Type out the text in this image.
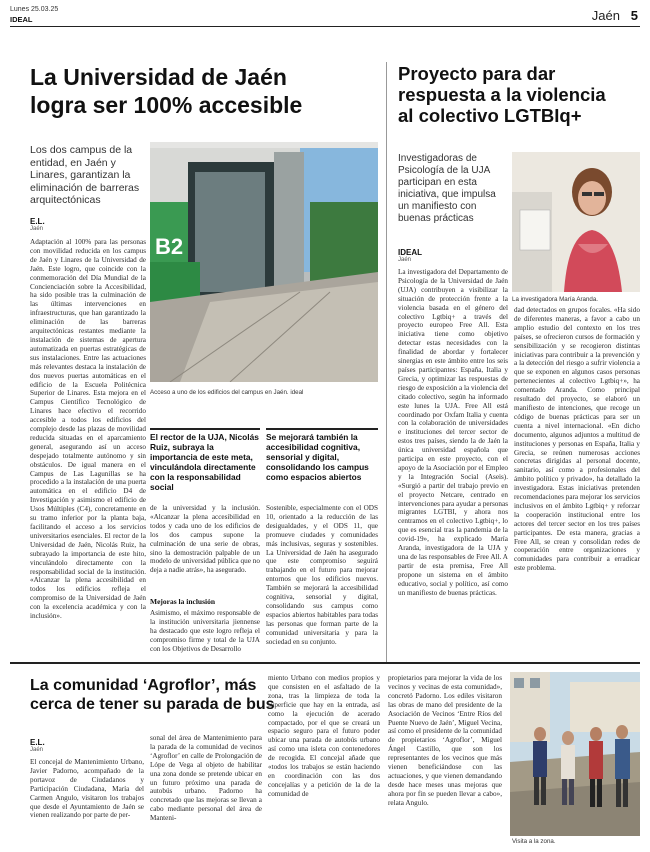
Lunes 25.03.25
IDEAL	Jaén 5
La Universidad de Jaén
logra ser 100% accesible
Los dos campus de la entidad, en Jaén y Linares, garantizan la eliminación de barreras arquitectónicas
E.L.
Jaén
Adaptación al 100% para las personas con movilidad reducida en los campus de Jaén y Linares de la Universidad de Jaén. Este logro, que coincide con la conmemoración del Día Mundial de la Concienciación sobre la Accesibilidad, ha sido posible tras la culminación de las últimas intervenciones en infraestructuras, que han garantizado la eliminación de las barreras arquitectónicas restantes mediante la instalación de sistemas de apertura automatizada en puertas estratégicas de sus instalaciones. Entre las actuaciones más relevantes destaca la instalación de dos nuevos puertas automáticas en el edificio de la Escuela Politécnica Superior de Linares. Esta mejora en el Campus Científico Tecnológico de Linares hace efectivo el recorrido accesible a todos los edificios del complejo desde las plazas de movilidad reducida situadas en el aparcamiento general, asegurando así un acceso despejado totalmente autónomo y sin obstáculos. De igual manera en el Campus de Las Lagunillas se ha procedido a la instalación de una puerta automática en el edificio D4 de Investigación y asimismo el edificio de Usos Múltiples (C4), concretamente en su tramo inferior por la planta baja, facilitando el acceso a los servicios universitarios esenciales. El rector de la Universidad de Jaén, Nicolás Ruiz, ha subrayado la importancia de este hito, vinculándolo directamente con la responsabilidad social de la institución. «Alcanzar la plena accesibilidad en todos los edificios refleja el compromiso de la Universidad de Jaén con la excelencia académica y con la inclusión».
B2
Acceso a uno de los edificios del campus en Jaén. ideal
El rector de la UJA, Nicolás Ruiz, subraya la importancia de este meta, vinculándola directamente con la responsabilidad social
de la universidad y la inclusión. «Alcanzar la plena accesibilidad en todos y cada uno de los edificios de los dos campus supone la culminación de una serie de obras, sino la demostración palpable de un modelo de universidad pública que no deja a nadie atrás», ha asegurado.
Mejoras la inclusión
Asimismo, el máximo responsable de la institución universitaria jiennense ha destacado que este logro refleja el compromiso firme y total de la UJA con los Objetivos de Desarrollo
Se mejorará también la accesibilidad cognitiva, sensorial y digital, consolidando los campus como espacios abiertos
Sostenible, especialmente con el ODS 10, orientado a la reducción de las desigualdades, y el ODS 11, que promueve ciudades y comunidades más inclusivas, seguras y sostenibles. La Universidad de Jaén ha asegurado que este compromiso seguirá trabajando en el futuro para mejorar entornos que los edificios nuevos. También se mejorará la accesibilidad cognitiva, sensorial y digital, consolidando sus campus como espacios abiertos habitables para todas las personas que forman parte de la comunidad universitaria y para la sociedad en su conjunto.
Proyecto para dar
respuesta a la violencia
al colectivo LGTBIq+
Investigadoras de Psicología de la UJA participan en esta iniciativa, que impulsa un manifiesto con buenas prácticas
IDEAL
Jaén
La investigadora María Aranda.
La investigadora del Departamento de Psicología de la Universidad de Jaén (UJA) contribuyen a visibilizar la situación de protección frente a la violencia basada en el género del colectivo Lgtbiq+ a través del proyecto europeo Free All. Esta iniciativa tiene como objetivo detectar estas necesidades con la finalidad de abordar y fortalecer sinergias en este ámbito entre los seis países participantes: España, Italia y Grecia, y optimizar las respuestas de riesgo de exposición a la violencia del citado colectivo, según ha informado este lunes la UJA. Free All está coordinado por Oxfam Italia y cuenta con la colaboración de universidades e instituciones del tercer sector de estos tres países, siendo la de Jaén la única universidad española que participa en este proyecto, con el apoyo de la Asociación por el Empleo y la Integración Social (Aseis). «Surgió a partir del trabajo previo en el proyecto Netcare, centrado en intervenciones para ayudar a personas migrantes LGTBI, y ahora nos centramos en el colectivo Lgtbiq+, lo que es esencial tras la pandemia de la covid-19», ha explicado María Aranda, investigadora de la UJA y una de las responsables de Free All. A partir de esta premisa, Free All propone un sistema en el ámbito educativo, social y político, así como un manifiesto de buenas prácticas.
dad detectados en grupos focales. «Ha sido de diferentes maneras, a favor a cabo un amplio estudio del contexto en los tres países, se ofrecieron cursos de formación y sensibilización y se recogieron distintas iniciativas para contribuir a la prevención y a la detección del riesgo a sufrir violencia a que se exponen en algunos casos personas pertenecientes al colectivo Lgtbiq+», ha comentado Aranda. Como principal resultado del proyecto, se elaboró un manifiesto de intenciones, que recoge un código de buenas prácticas para ser un cuenta a nivel internacional. «En dicho documento, algunos adjuntos a multitud de instituciones y personas en España, Italia y Grecia, se reúnen numerosas acciones concretas dirigidas al personal docente, sanitario, así como a profesionales del ámbito político y privado», ha detallado la investigadora. Estas iniciativas pretenden recomendaciones para mejorar los servicios inclusivos en el ámbito Lgtbiq+ y reforzar la cooperación institucional entre los actores del tercer sector en los tres países participantes. De esta manera, gracias a Free All, se crean y consolidan redes de cooperación entre organizaciones y comunidades para contribuir a erradicar este problema.
La comunidad ‘Agroflor’, más
cerca de tener su parada de bus
E.L.
Jaén
El concejal de Mantenimiento Urbano, Javier Padorno, acompañado de la portavoz de Ciudadanos y Participación Ciudadana, María del Carmen Angulo, visitaron los trabajos que desde el Ayuntamiento de Jaén se vienen realizando por parte de per-
sonal del área de Mantenimiento para la parada de la comunidad de vecinos ‘Agroflor’ en calle de Prolongación de Lópe de Vega al objeto de habilitar una zona donde se pretende ubicar en un futuro próximo una parada de autobús urbano. Padorno ha concretado que las mejoras se llevan a cabo mediante personal del área de Manteni-
miento Urbano con medios propios y que consisten en el asfaltado de la zona, tras la limpieza de toda la superficie que hay en la entrada, así como la ejecución de acerado compactado, por el que se creará un espacio seguro para el futuro poder ubicar una parada de autobús urbano así como una isleta con contenedores de recogida. El concejal añade que «todos los trabajos se están haciendo en coordinación con las dos concejalías y a petición de la de la comunidad de
propietarios para mejorar la vida de los vecinos y vecinas de esta comunidad», concretó Padorno. Los ediles visitaron las obras de mano del presidente de la Asociación de Vecinos ‘Entre Ríos del Puente Nuevo de Jaén’, Miguel Vecina, así como el presidente de la comunidad de propietarios ‘Agroflor’, Miguel Ángel Castillo, que son los representantes de los vecinos que más vienen beneficiándose con las actuaciones, y que vienen demandando desde hace meses unas mejoras que ahora por fin se pueden llevar a cabo», relata Angulo.
Visita a la zona.
